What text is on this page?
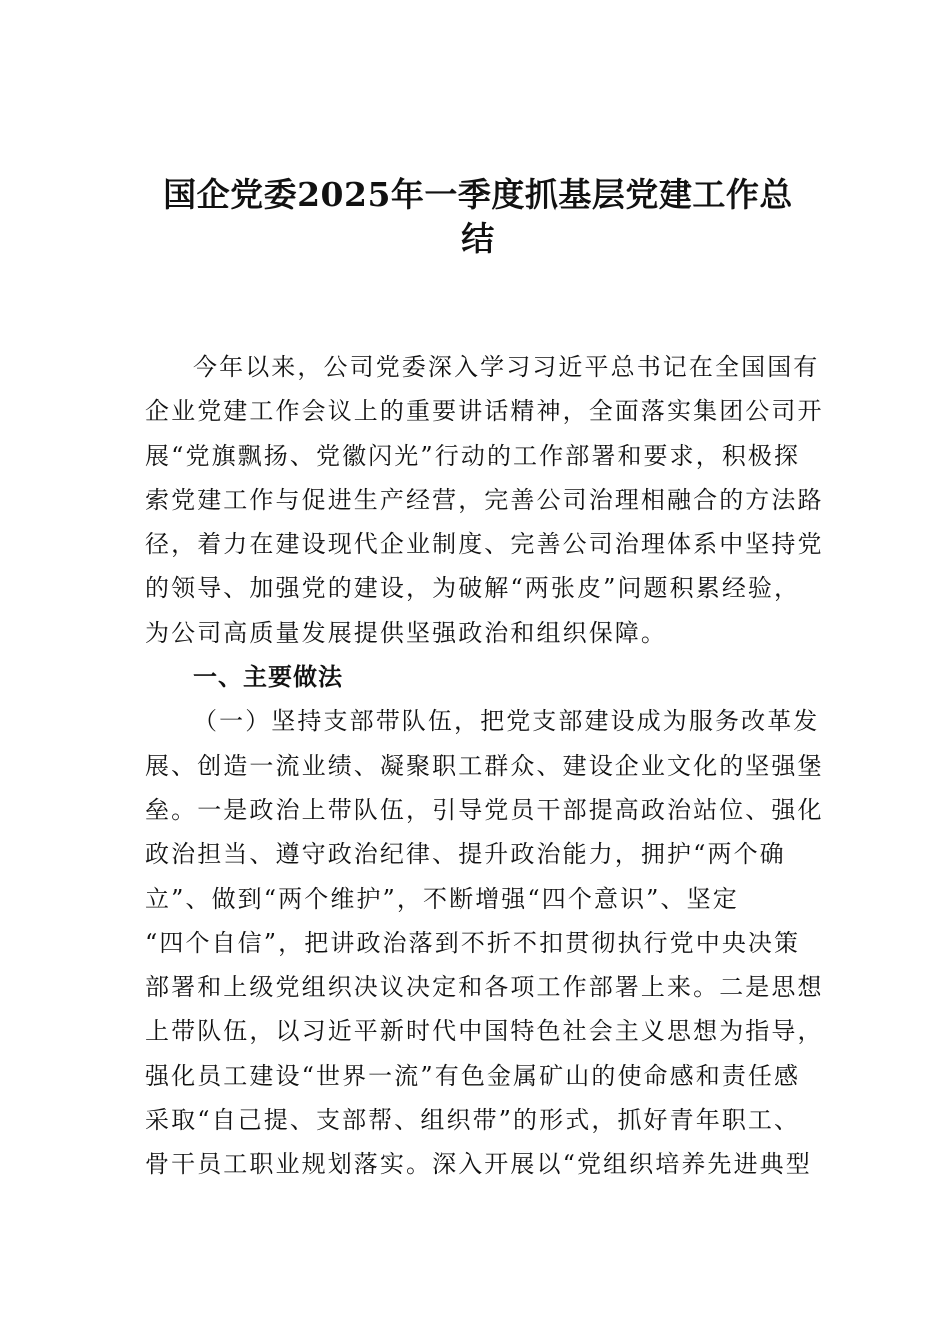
国企党委2025年一季度抓基层党建工作总
结
今年以来，公司党委深入学习习近平总书记在全国国有
企业党建工作会议上的重要讲话精神，全面落实集团公司开
展“党旗飘扬、党徽闪光”行动的工作部署和要求，积极探
索党建工作与促进生产经营，完善公司治理相融合的方法路
径，着力在建设现代企业制度、完善公司治理体系中坚持党
的领导、加强党的建设，为破解“两张皮”问题积累经验，
为公司高质量发展提供坚强政治和组织保障。
一、主要做法
（一）坚持支部带队伍，把党支部建设成为服务改革发
展、创造一流业绩、凝聚职工群众、建设企业文化的坚强堡
垒。一是政治上带队伍，引导党员干部提高政治站位、强化
政治担当、遵守政治纪律、提升政治能力，拥护“两个确
立”、做到“两个维护”，不断增强“四个意识”、坚定
“四个自信”，把讲政治落到不折不扣贯彻执行党中央决策
部署和上级党组织决议决定和各项工作部署上来。二是思想
上带队伍，以习近平新时代中国特色社会主义思想为指导，
强化员工建设“世界一流”有色金属矿山的使命感和责任感
采取“自己提、支部帮、组织带”的形式，抓好青年职工、
骨干员工职业规划落实。深入开展以“党组织培养先进典型
